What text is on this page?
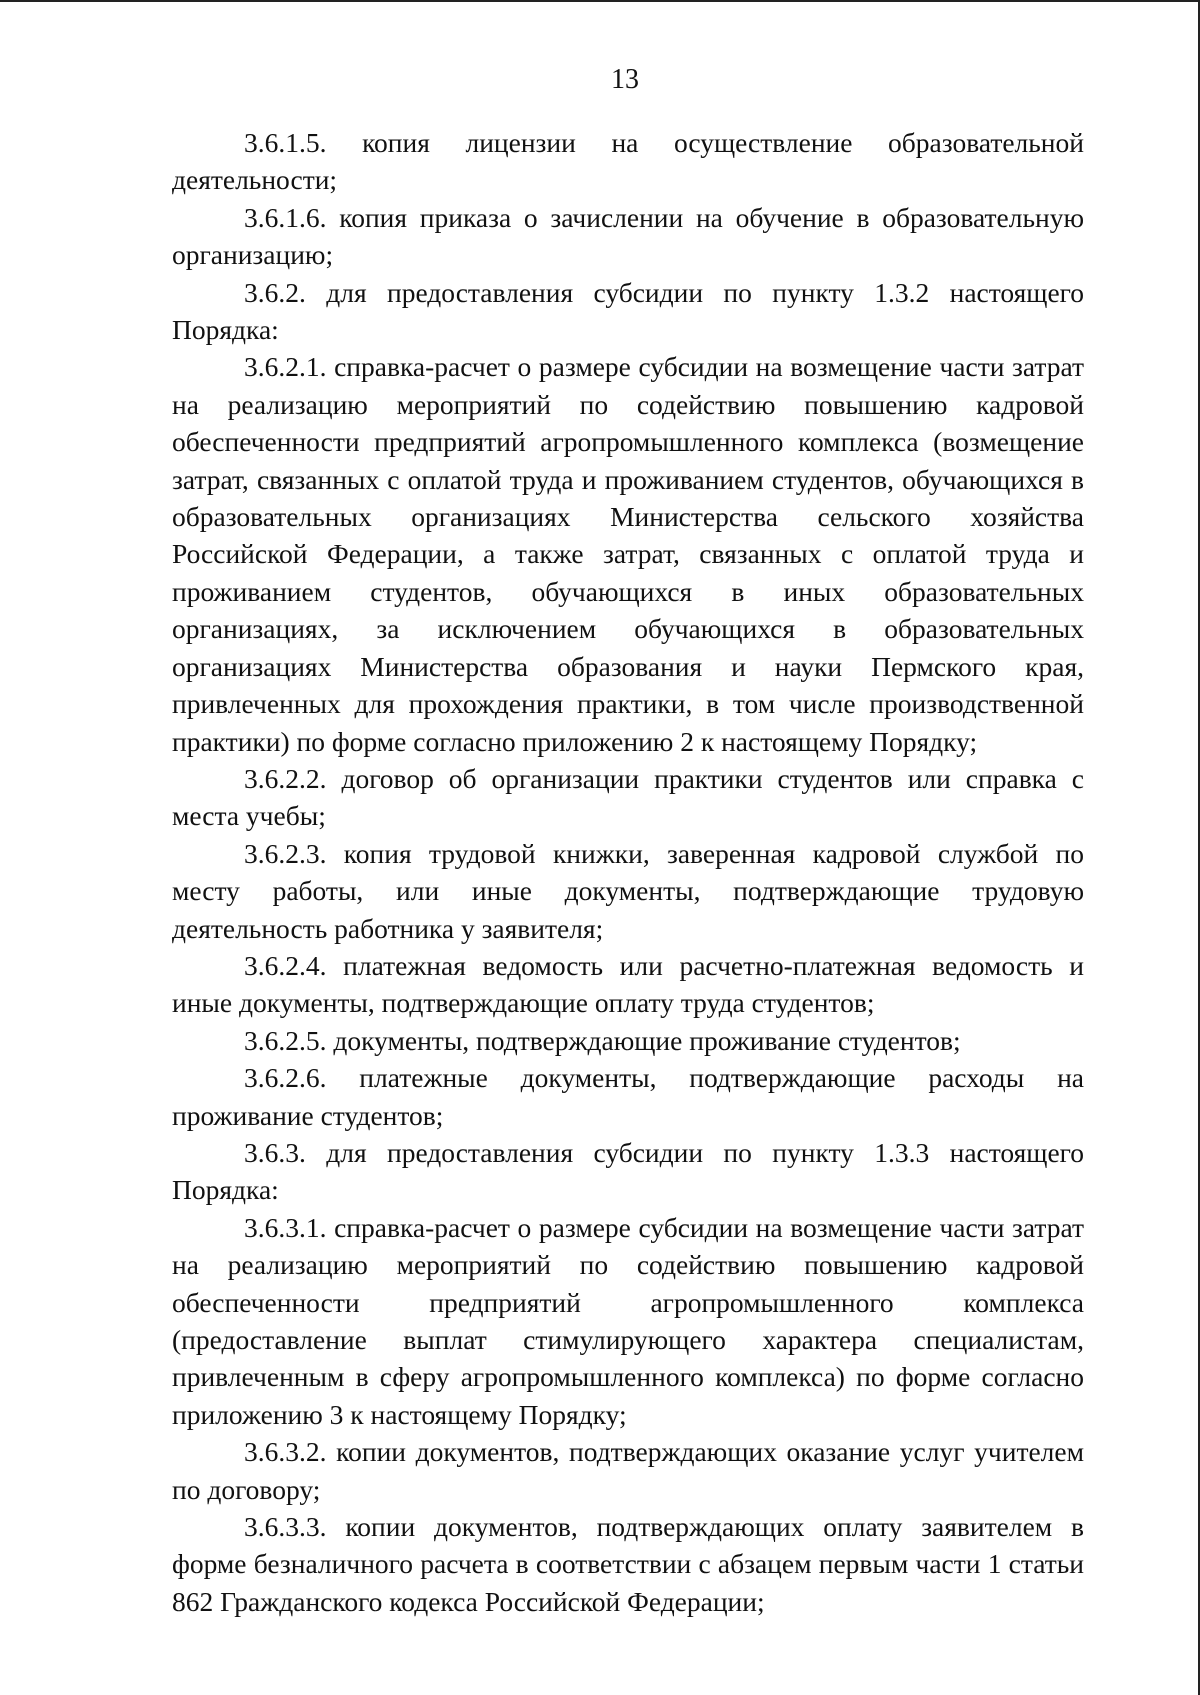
13

3.6.1.5. копия лицензии на осуществление образовательной деятельности;

3.6.1.6. копия приказа о зачислении на обучение в образовательную организацию;

3.6.2. для предоставления субсидии по пункту 1.3.2 настоящего Порядка:

3.6.2.1. справка-расчет о размере субсидии на возмещение части затрат на реализацию мероприятий по содействию повышению кадровой обеспеченности предприятий агропромышленного комплекса (возмещение затрат, связанных с оплатой труда и проживанием студентов, обучающихся в образовательных организациях Министерства сельского хозяйства Российской Федерации, а также затрат, связанных с оплатой труда и проживанием студентов, обучающихся в иных образовательных организациях, за исключением обучающихся в образовательных организациях Министерства образования и науки Пермского края, привлеченных для прохождения практики, в том числе производственной практики) по форме согласно приложению 2 к настоящему Порядку;

3.6.2.2. договор об организации практики студентов или справка с места учебы;

3.6.2.3. копия трудовой книжки, заверенная кадровой службой по месту работы, или иные документы, подтверждающие трудовую деятельность работника у заявителя;

3.6.2.4. платежная ведомость или расчетно-платежная ведомость и иные документы, подтверждающие оплату труда студентов;

3.6.2.5. документы, подтверждающие проживание студентов;

3.6.2.6. платежные документы, подтверждающие расходы на проживание студентов;

3.6.3. для предоставления субсидии по пункту 1.3.3 настоящего Порядка:

3.6.3.1. справка-расчет о размере субсидии на возмещение части затрат на реализацию мероприятий по содействию повышению кадровой обеспеченности предприятий агропромышленного комплекса (предоставление выплат стимулирующего характера специалистам, привлеченным в сферу агропромышленного комплекса) по форме согласно приложению 3 к настоящему Порядку;

3.6.3.2. копии документов, подтверждающих оказание услуг учителем по договору;

3.6.3.3. копии документов, подтверждающих оплату заявителем в форме безналичного расчета в соответствии с абзацем первым части 1 статьи 862 Гражданского кодекса Российской Федерации;
